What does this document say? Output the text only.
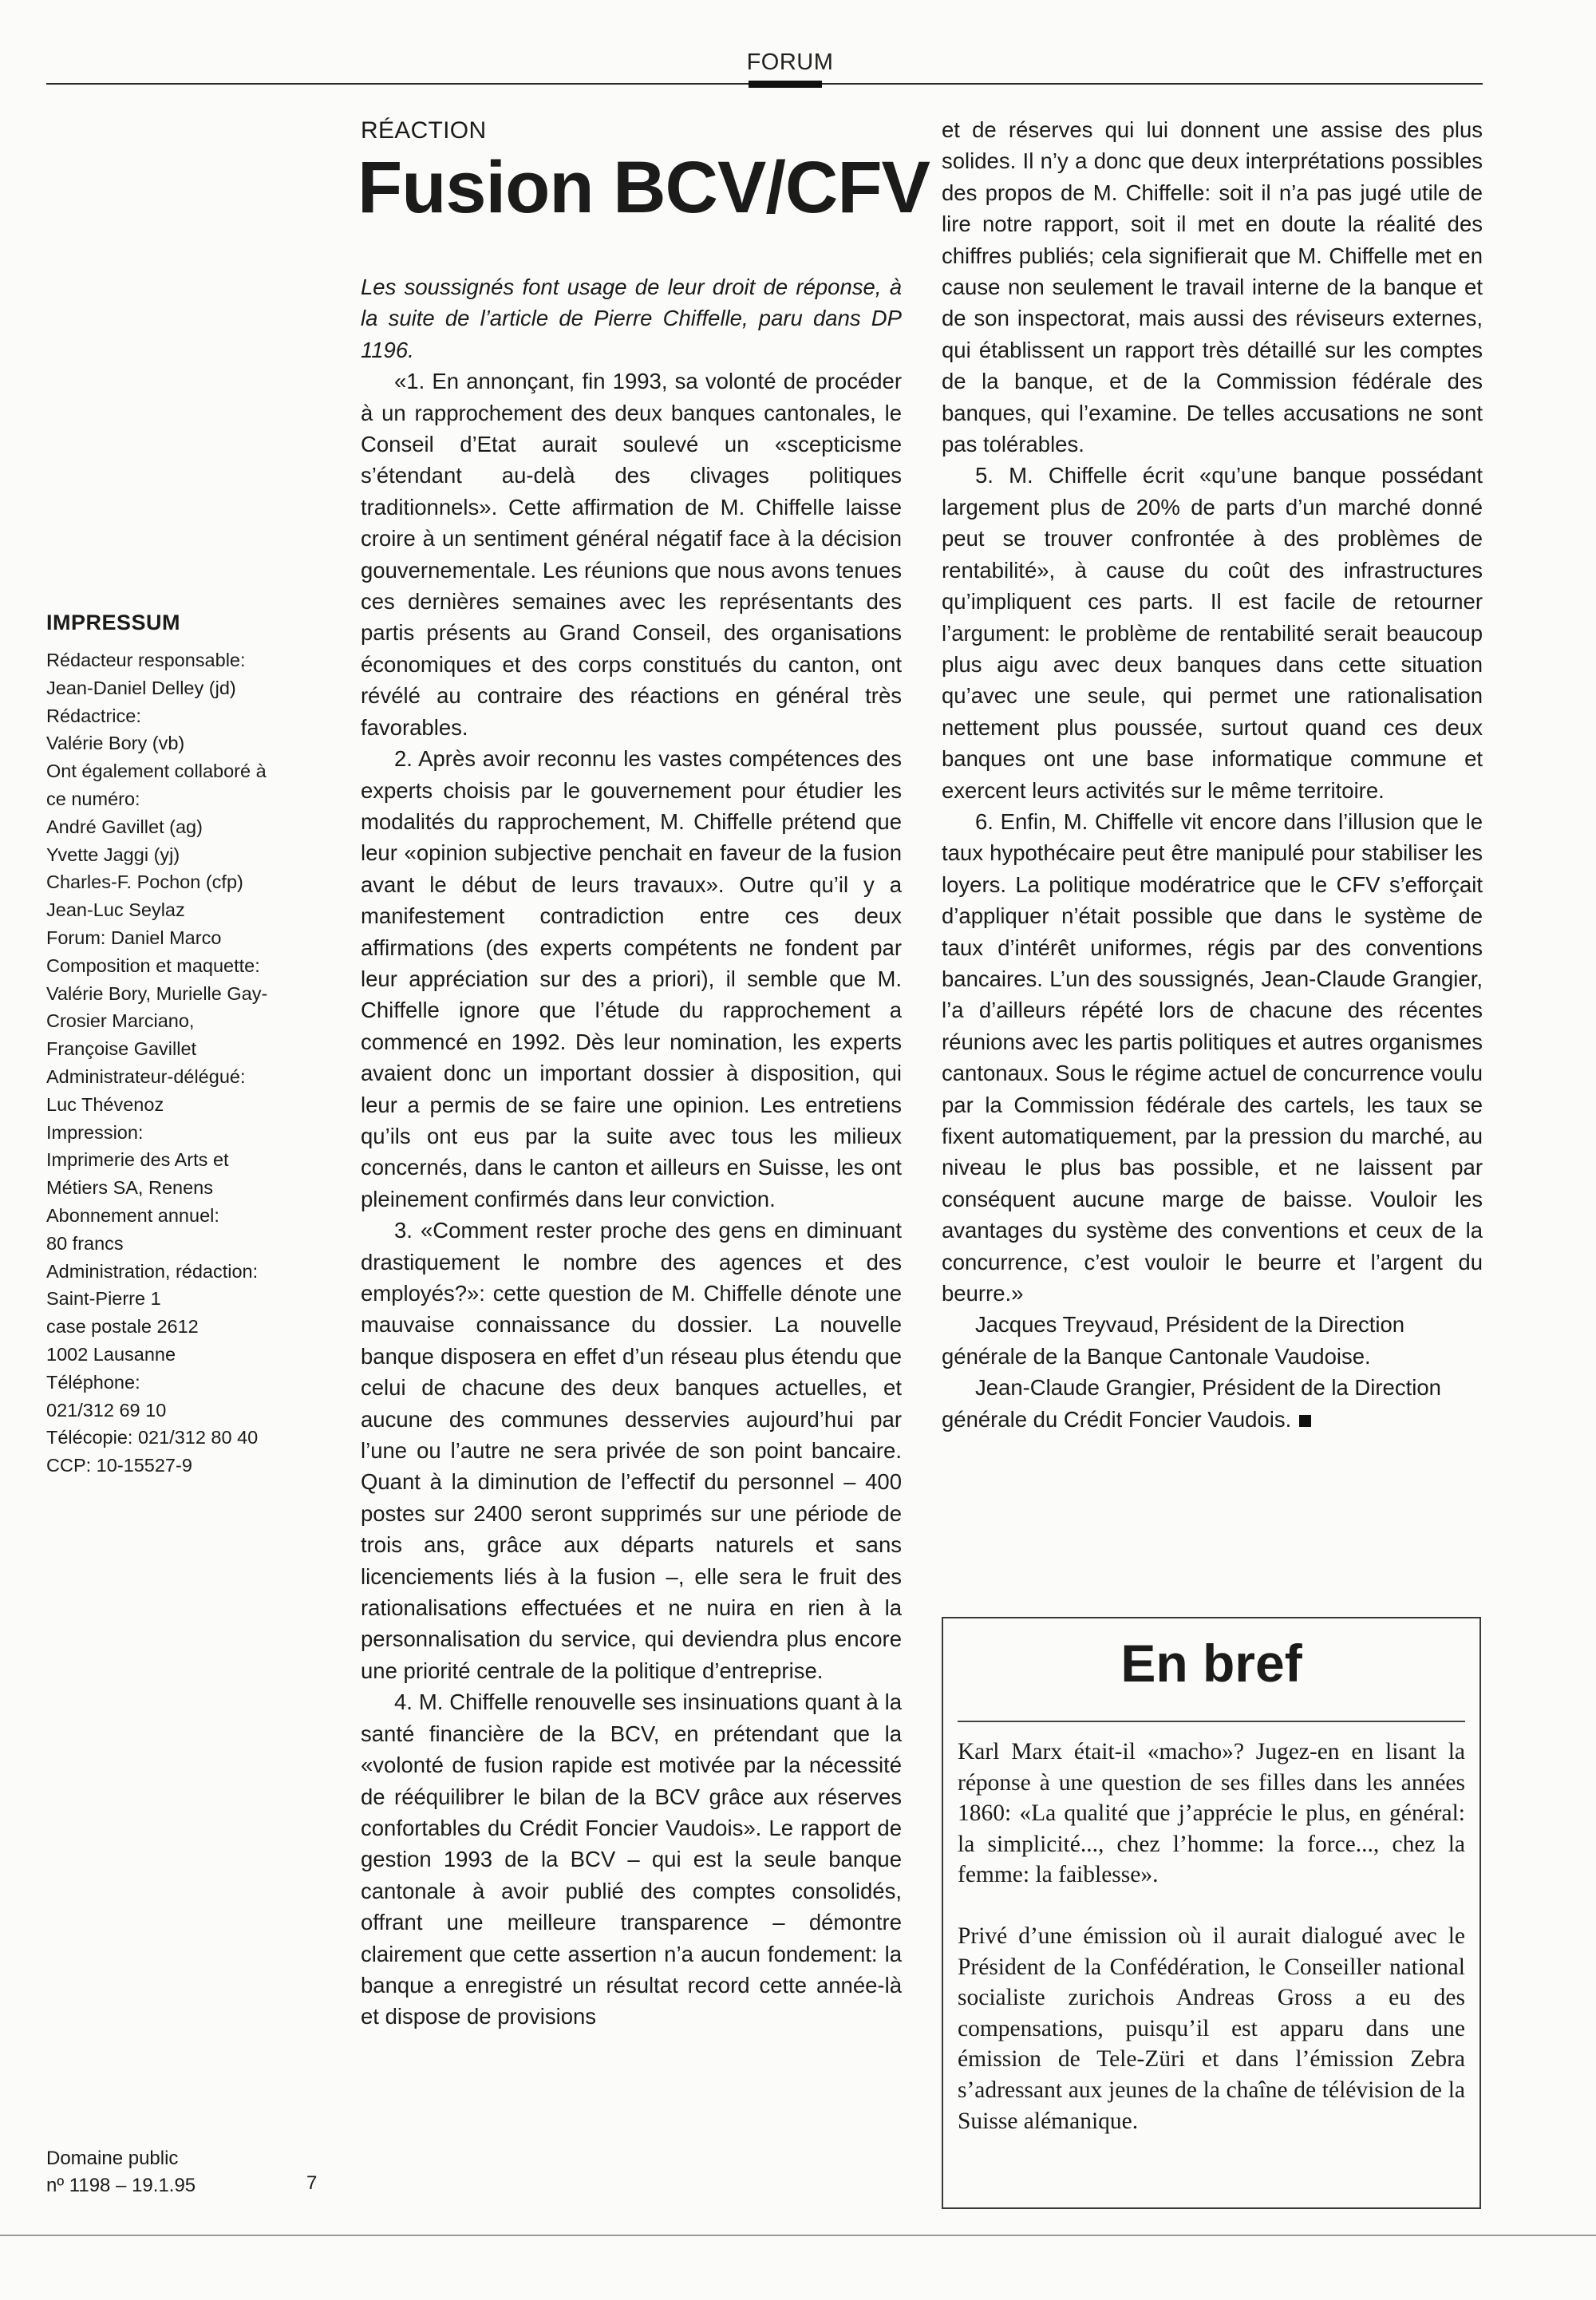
FORUM
IMPRESSUM
Rédacteur responsable:
Jean-Daniel Delley (jd)
Rédactrice:
Valérie Bory (vb)
Ont également collaboré à
ce numéro:
André Gavillet (ag)
Yvette Jaggi (yj)
Charles-F. Pochon (cfp)
Jean-Luc Seylaz
Forum: Daniel Marco
Composition et maquette:
Valérie Bory, Murielle Gay-
Crosier Marciano,
Françoise Gavillet
Administrateur-délégué:
Luc Thévenoz
Impression:
Imprimerie des Arts et
Métiers SA, Renens
Abonnement annuel:
80 francs
Administration, rédaction:
Saint-Pierre 1
case postale 2612
1002 Lausanne
Téléphone:
021/312 69 10
Télécopie: 021/312 80 40
CCP: 10-15527-9
Domaine public
nº 1198 – 19.1.95	7
RÉACTION
Fusion BCV/CFV

Les soussignés font usage de leur droit de réponse, à la suite de l’article de Pierre Chiffelle, paru dans DP 1196.

«1. En annonçant, fin 1993, sa volonté de procéder à un rapprochement des deux banques cantonales, le Conseil d’Etat aurait soulevé un «scepticisme s’étendant au-delà des clivages politiques traditionnels». Cette affirmation de M. Chiffelle laisse croire à un sentiment général négatif face à la décision gouvernementale. Les réunions que nous avons tenues ces dernières semaines avec les représentants des partis présents au Grand Conseil, des organisations économiques et des corps constitués du canton, ont révélé au contraire des réactions en général très favorables.

2. Après avoir reconnu les vastes compétences des experts choisis par le gouvernement pour étudier les modalités du rapprochement, M. Chiffelle prétend que leur «opinion subjective penchait en faveur de la fusion avant le début de leurs travaux». Outre qu’il y a manifestement contradiction entre ces deux affirmations (des experts compétents ne fondent par leur appréciation sur des a priori), il semble que M. Chiffelle ignore que l’étude du rapprochement a commencé en 1992. Dès leur nomination, les experts avaient donc un important dossier à disposition, qui leur a permis de se faire une opinion. Les entretiens qu’ils ont eus par la suite avec tous les milieux concernés, dans le canton et ailleurs en Suisse, les ont pleinement confirmés dans leur conviction.

3. «Comment rester proche des gens en diminuant drastiquement le nombre des agences et des employés?»: cette question de M. Chiffelle dénote une mauvaise connaissance du dossier. La nouvelle banque disposera en effet d’un réseau plus étendu que celui de chacune des deux banques actuelles, et aucune des communes desservies aujourd’hui par l’une ou l’autre ne sera privée de son point bancaire. Quant à la diminution de l’effectif du personnel – 400 postes sur 2400 seront supprimés sur une période de trois ans, grâce aux départs naturels et sans licenciements liés à la fusion –, elle sera le fruit des rationalisations effectuées et ne nuira en rien à la personnalisation du service, qui deviendra plus encore une priorité centrale de la politique d’entreprise.

4. M. Chiffelle renouvelle ses insinuations quant à la santé financière de la BCV, en prétendant que la «volonté de fusion rapide est motivée par la nécessité de rééquilibrer le bilan de la BCV grâce aux réserves confortables du Crédit Foncier Vaudois». Le rapport de gestion 1993 de la BCV – qui est la seule banque cantonale à avoir publié des comptes consolidés, offrant une meilleure transparence – démontre clairement que cette assertion n’a aucun fondement: la banque a enregistré un résultat record cette année-là et dispose de provisions

et de réserves qui lui donnent une assise des plus solides. Il n’y a donc que deux interprétations possibles des propos de M. Chiffelle: soit il n’a pas jugé utile de lire notre rapport, soit il met en doute la réalité des chiffres publiés; cela signifierait que M. Chiffelle met en cause non seulement le travail interne de la banque et de son inspectorat, mais aussi des réviseurs externes, qui établissent un rapport très détaillé sur les comptes de la banque, et de la Commission fédérale des banques, qui l’examine. De telles accusations ne sont pas tolérables.

5. M. Chiffelle écrit «qu’une banque possédant largement plus de 20% de parts d’un marché donné peut se trouver confrontée à des problèmes de rentabilité», à cause du coût des infrastructures qu’impliquent ces parts. Il est facile de retourner l’argument: le problème de rentabilité serait beaucoup plus aigu avec deux banques dans cette situation qu’avec une seule, qui permet une rationalisation nettement plus poussée, surtout quand ces deux banques ont une base informatique commune et exercent leurs activités sur le même territoire.

6. Enfin, M. Chiffelle vit encore dans l’illusion que le taux hypothécaire peut être manipulé pour stabiliser les loyers. La politique modératrice que le CFV s’efforçait d’appliquer n’était possible que dans le système de taux d’intérêt uniformes, régis par des conventions bancaires. L’un des soussignés, Jean-Claude Grangier, l’a d’ailleurs répété lors de chacune des récentes réunions avec les partis politiques et autres organismes cantonaux. Sous le régime actuel de concurrence voulu par la Commission fédérale des cartels, les taux se fixent automatiquement, par la pression du marché, au niveau le plus bas possible, et ne laissent par conséquent aucune marge de baisse. Vouloir les avantages du système des conventions et ceux de la concurrence, c’est vouloir le beurre et l’argent du beurre.»

Jacques Treyvaud, Président de la Direction générale de la Banque Cantonale Vaudoise.

Jean-Claude Grangier, Président de la Direction générale du Crédit Foncier Vaudois.

En bref

Karl Marx était-il «macho»? Jugez-en en lisant la réponse à une question de ses filles dans les années 1860: «La qualité que j’apprécie le plus, en général: la simplicité..., chez l’homme: la force..., chez la femme: la faiblesse».

Privé d’une émission où il aurait dialogué avec le Président de la Confédération, le Conseiller national socialiste zurichois Andreas Gross a eu des compensations, puisqu’il est apparu dans une émission de Tele-Züri et dans l’émission Zebra s’adressant aux jeunes de la chaîne de télévision de la Suisse alémanique.
